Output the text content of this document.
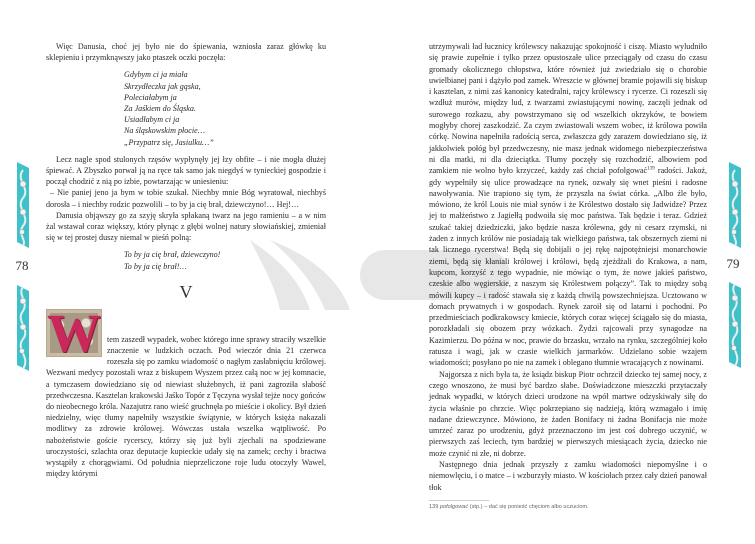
78

Więc Danusia, choć jej było nie do śpiewania, wzniosła zaraz główkę ku sklepieniu i przymknąwszy jako ptaszek oczki poczęła:

Gdybym ci ja miała
Skrzydłeczka jak gąska,
Poleciałabym ja
Za Jaśkiem do Śląska.
Usiadłabym ci ja
Na śląskowskim płocie…
„Przypatrz się, Jasiulku…”

Lecz nagle spod stulonych rzęsów wypłynęły jej łzy obfite – i nie mogła dłużej śpiewać. A Zbyszko porwał ją na ręce tak samo jak niegdyś w tynieckiej gospodzie i począł chodzić z nią po izbie, powtarzając w uniesieniu:

– Nie paniej jeno ja bym w tobie szukał. Niechby mnie Bóg wyratował, niechbyś dorosła – i niechby rodzic pozwolili – to by ja cię brał, dziewczyno!… Hej!…

Danusia objąwszy go za szyję skryła spłakaną twarz na jego ramieniu – a w nim żal wstawał coraz większy, który płynąc z głębi wolnej natury słowiańskiej, zmieniał się w tej prostej duszy niemal w pieśń polną:

To by ja cię brał, dziewczyno!
To by ja cię brał!…
V
W tem zaszedł wypadek, wobec którego inne sprawy straciły wszelkie znaczenie w ludzkich oczach. Pod wieczór dnia 21 czerwca rozeszła się po zamku wiadomość o nagłym zasłabnięciu królowej. Wezwani medycy pozostali wraz z biskupem Wyszem przez całą noc w jej komnacie, a tymczasem dowiedziano się od niewiast służebnych, iż pani zagroziła słabość przedwczesna. Kasztelan krakowski Jaśko Topór z Tęczyna wysłał tejże nocy gońców do nieobecnego króla. Nazajutrz rano wieść gruchnęła po mieście i okolicy. Był dzień niedzielny, więc tłumy napełniły wszystkie świątynie, w których księża nakazali modlitwy za zdrowie królowej. Wówczas ustała wszelka wątpliwość. Po nabożeństwie goście rycerscy, którzy się już byli zjechali na spodziewane uroczystości, szlachta oraz deputacje kupieckie udały się na zamek; cechy i bractwa wystąpiły z chorągwiami. Od południa nieprzeliczone roje ludu otoczyły Wawel, między którymi

utrzymywali ład łucznicy królewscy nakazując spokojność i ciszę. Miasto wyludniło się prawie zupełnie i tylko przez opustoszałe ulice przeciągały od czasu do czasu gromady okolicznego chłopstwa, które również już zwiedziało się o chorobie uwielbianej pani i dążyło pod zamek. Wreszcie w głównej bramie pojawili się biskup i kasztelan, z nimi zaś kanonicy katedralni, rajcy królewscy i rycerze. Ci rozeszli się wzdłuż murów, między lud, z twarzami zwiastującymi nowinę, zaczęli jednak od surowego rozkazu, aby powstrzymano się od wszelkich okrzyków, te bowiem mogłyby chorej zaszkodzić. Za czym zwiastowali wszem wobec, iż królowa powiła córkę. Nowina napełniła radością serca, zwłaszcza gdy zarazem dowiedziano się, iż jakkolwiek połóg był przedwczesny, nie masz jednak widomego niebezpieczeństwa ni dla matki, ni dla dzieciątka. Tłumy poczęły się rozchodzić, albowiem pod zamkiem nie wolno było krzyczeć, każdy zaś chciał pofolgować$^{139}$ radości. Jakoż, gdy wypełniły się ulice prowadzące na rynek, ozwały się wnet pieśni i radosne nawoływania. Nie trapiono się tym, że przyszła na świat córka. „Albo źle było, mówiono, że król Louis nie miał synów i że Królestwo dostało się Jadwidze? Przez jej to małżeństwo z Jagiełłą podwoiła się moc państwa. Tak będzie i teraz. Gdzież szukać takiej dziedziczki, jako będzie nasza królewna, gdy ni cesarz rzymski, ni żaden z innych królów nie posiadają tak wielkiego państwa, tak obszernych ziemi ni tak licznego rycerstwa! Będą się dobijali o jej rękę najpotężniejsi monarchowie ziemi, będą się kłaniali królowej i królowi, będą zjeżdżali do Krakowa, a nam, kupcom, korzyść z tego wypadnie, nie mówiąc o tym, że nowe jakieś państwo, czeskie albo węgierskie, z naszym się Królestwem połączy”. Tak to między sobą mówili kupcy – i radość stawała się z każdą chwilą powszechniejsza. Ucztowano w domach prywatnych i w gospodach. Rynek zaroił się od latarni i pochodni. Po przedmieściach podkrakowscy kmiecie, których coraz więcej ściągało się do miasta, porozkładali się obozem przy wózkach. Żydzi rajcowali przy synagodze na Kazimierzu. Do późna w noc, prawie do brzasku, wrzało na rynku, szczególniej koło ratusza i wagi, jak w czasie wielkich jarmarków. Udzielano sobie wzajem wiadomości; posyłano po nie na zamek i oblegano tłumnie wracających z nowinami.

Najgorsza z nich była ta, że ksiądz biskup Piotr ochrzcił dziecko tej samej nocy, z czego wnoszono, że musi być bardzo słabe. Doświadczone mieszczki przytaczały jednak wypadki, w których dzieci urodzone na wpół martwe odzyskiwały siłę do życia właśnie po chrzcie. Więc pokrzepiano się nadzieją, którą wzmagało i imię nadane dziewczynce. Mówiono, że żaden Bonifacy ni żadna Bonifacja nie może umrzeć zaraz po urodzeniu, gdyż przeznaczono im jest coś dobrego uczynić, w pierwszych zaś leciech, tym bardziej w pierwszych miesiącach życia, dziecko nie może czynić ni złe, ni dobrze.

Następnego dnia jednak przyszły z zamku wiadomości niepomyślne i o niemowlęciu, i o matce – i wzburzyły miasto. W kościołach przez cały dzień panował tłok

79
139 pofolgować (stp.) – dać się ponieść chęciom albo uczuciom.
